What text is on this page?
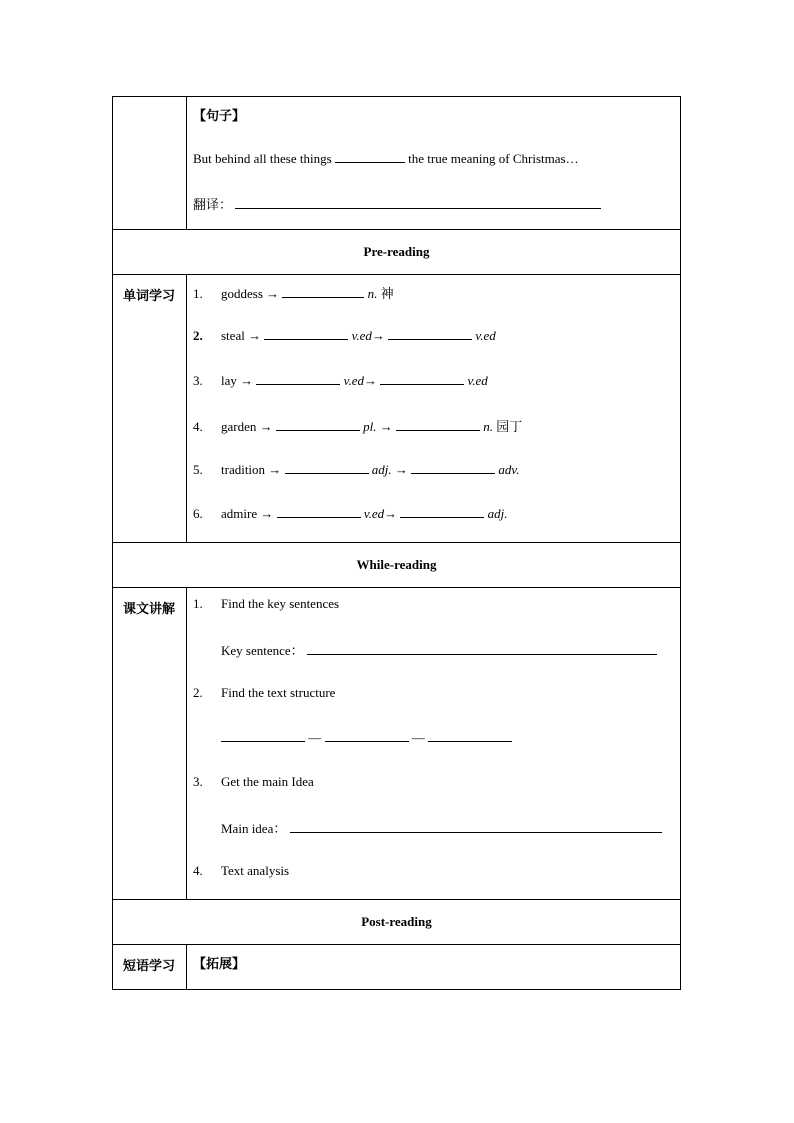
【句子】
But behind all these things	the true meaning of Christmas…
翻译：
Pre-reading
单词学习	1. goddess →	n. 神
2. steal →	v.ed→	v.ed
3. lay →	v.ed→	v.ed
4. garden →	pl. →	n. 园丁
5. tradition →	adj. →	adv.
6. admire →	v.ed→	adj.
While-reading
课文讲解	1. Find the key sentences
Key sentence：
2. Find the text structure
—	—
3. Get the main Idea
Main idea：
4. Text analysis
Post-reading
短语学习	【拓展】
